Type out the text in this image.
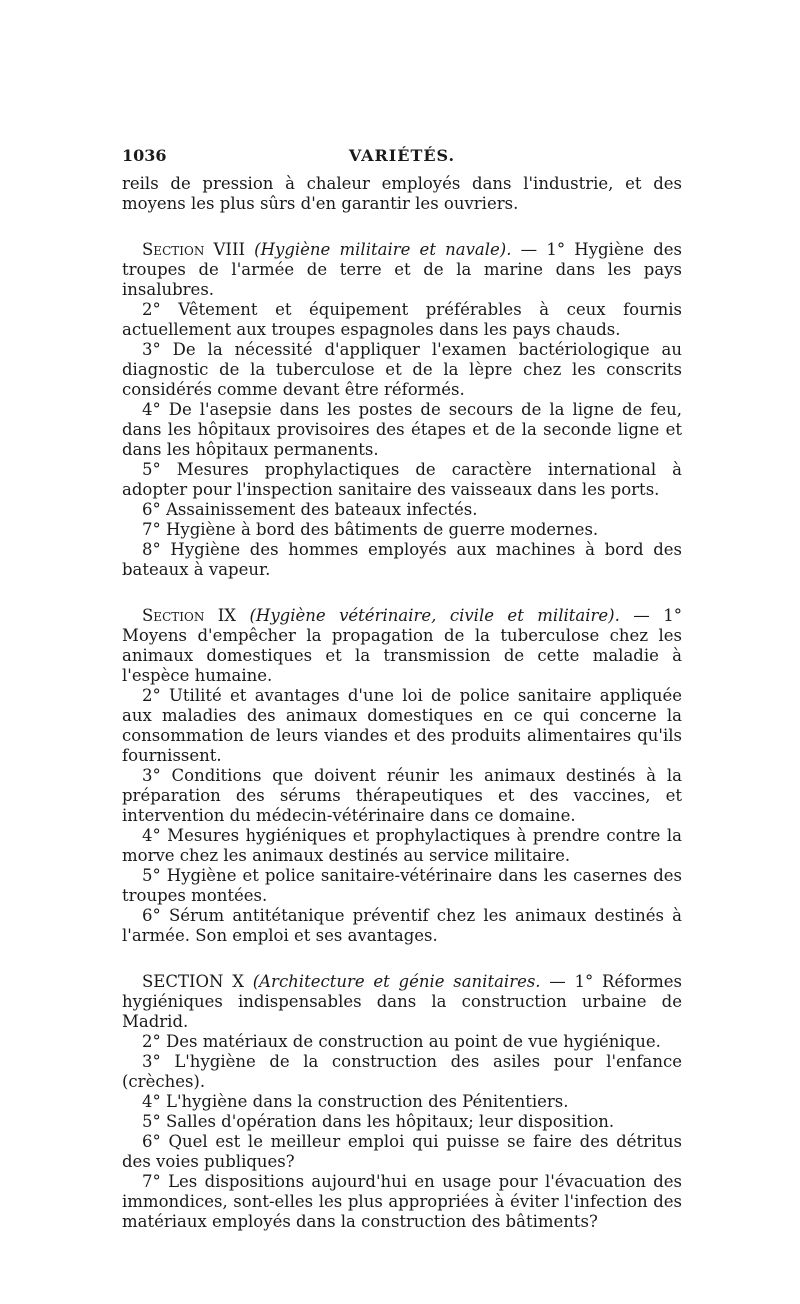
1036	VARIÉTÉS.

reils de pression à chaleur employés dans l'industrie, et des moyens les plus sûrs d'en garantir les ouvriers.

Section VIII (Hygiène militaire et navale). — 1° Hygiène des troupes de l'armée de terre et de la marine dans les pays insalubres.

2° Vêtement et équipement préférables à ceux fournis actuellement aux troupes espagnoles dans les pays chauds.

3° De la nécessité d'appliquer l'examen bactériologique au diagnostic de la tuberculose et de la lèpre chez les conscrits considérés comme devant être réformés.

4° De l'asepsie dans les postes de secours de la ligne de feu, dans les hôpitaux provisoires des étapes et de la seconde ligne et dans les hôpitaux permanents.

5° Mesures prophylactiques de caractère international à adopter pour l'inspection sanitaire des vaisseaux dans les ports.

6° Assainissement des bateaux infectés.

7° Hygiène à bord des bâtiments de guerre modernes.

8° Hygiène des hommes employés aux machines à bord des bateaux à vapeur.

Section IX (Hygiène vétérinaire, civile et militaire). — 1° Moyens d'empêcher la propagation de la tuberculose chez les animaux domestiques et la transmission de cette maladie à l'espèce humaine.

2° Utilité et avantages d'une loi de police sanitaire appliquée aux maladies des animaux domestiques en ce qui concerne la consommation de leurs viandes et des produits alimentaires qu'ils fournissent.

3° Conditions que doivent réunir les animaux destinés à la préparation des sérums thérapeutiques et des vaccines, et intervention du médecin-vétérinaire dans ce domaine.

4° Mesures hygiéniques et prophylactiques à prendre contre la morve chez les animaux destinés au service militaire.

5° Hygiène et police sanitaire-vétérinaire dans les casernes des troupes montées.

6° Sérum antitétanique préventif chez les animaux destinés à l'armée. Son emploi et ses avantages.

SECTION X (Architecture et génie sanitaires. — 1° Réformes hygiéniques indispensables dans la construction urbaine de Madrid.

2° Des matériaux de construction au point de vue hygiénique.

3° L'hygiène de la construction des asiles pour l'enfance (crèches).

4° L'hygiène dans la construction des Pénitentiers.

5° Salles d'opération dans les hôpitaux; leur disposition.

6° Quel est le meilleur emploi qui puisse se faire des détritus des voies publiques?

7° Les dispositions aujourd'hui en usage pour l'évacuation des immondices, sont-elles les plus appropriées à éviter l'infection des matériaux employés dans la construction des bâtiments?
